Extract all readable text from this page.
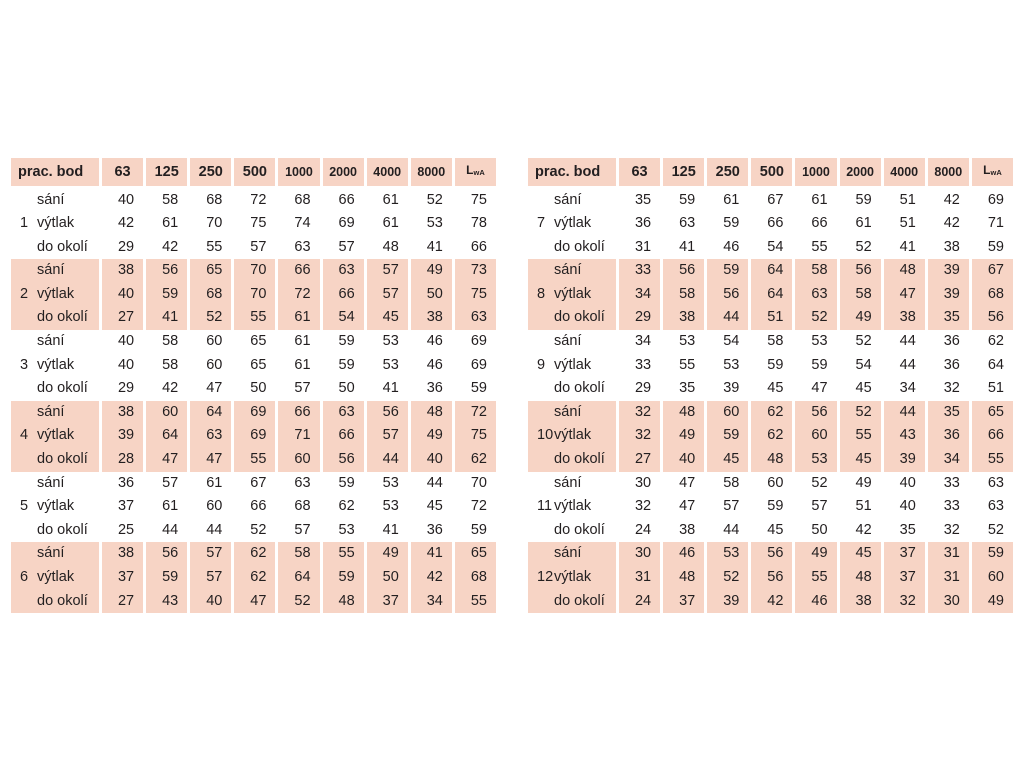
prac. bod	63	125	250	500	1000	2000	4000	8000	$L_{wA}$

sání	40	58	68	72	68	66	61	52	75

1 výtlak	42	61	70	75	74	69	61	53	78

do okolí	29	42	55	57	63	57	48	41	66

sání	38	56	65	70	66	63	57	49	73

2 výtlak	40	59	68	70	72	66	57	50	75

do okolí	27	41	52	55	61	54	45	38	63

sání	40	58	60	65	61	59	53	46	69

3 výtlak	40	58	60	65	61	59	53	46	69

do okolí	29	42	47	50	57	50	41	36	59

sání	38	60	64	69	66	63	56	48	72

4 výtlak	39	64	63	69	71	66	57	49	75

do okolí	28	47	47	55	60	56	44	40	62

sání	36	57	61	67	63	59	53	44	70

5 výtlak	37	61	60	66	68	62	53	45	72

do okolí	25	44	44	52	57	53	41	36	59

sání	38	56	57	62	58	55	49	41	65

6 výtlak	37	59	57	62	64	59	50	42	68

do okolí	27	43	40	47	52	48	37	34	55
prac. bod	63	125	250	500	1000	2000	4000	8000	$L_{wA}$

sání	35	59	61	67	61	59	51	42	69

7 výtlak	36	63	59	66	66	61	51	42	71

do okolí	31	41	46	54	55	52	41	38	59

sání	33	56	59	64	58	56	48	39	67

8 výtlak	34	58	56	64	63	58	47	39	68

do okolí	29	38	44	51	52	49	38	35	56

sání	34	53	54	58	53	52	44	36	62

9 výtlak	33	55	53	59	59	54	44	36	64

do okolí	29	35	39	45	47	45	34	32	51

sání	32	48	60	62	56	52	44	35	65

10 výtlak	32	49	59	62	60	55	43	36	66

do okolí	27	40	45	48	53	45	39	34	55

sání	30	47	58	60	52	49	40	33	63

11 výtlak	32	47	57	59	57	51	40	33	63

do okolí	24	38	44	45	50	42	35	32	52

sání	30	46	53	56	49	45	37	31	59

12 výtlak	31	48	52	56	55	48	37	31	60

do okolí	24	37	39	42	46	38	32	30	49
